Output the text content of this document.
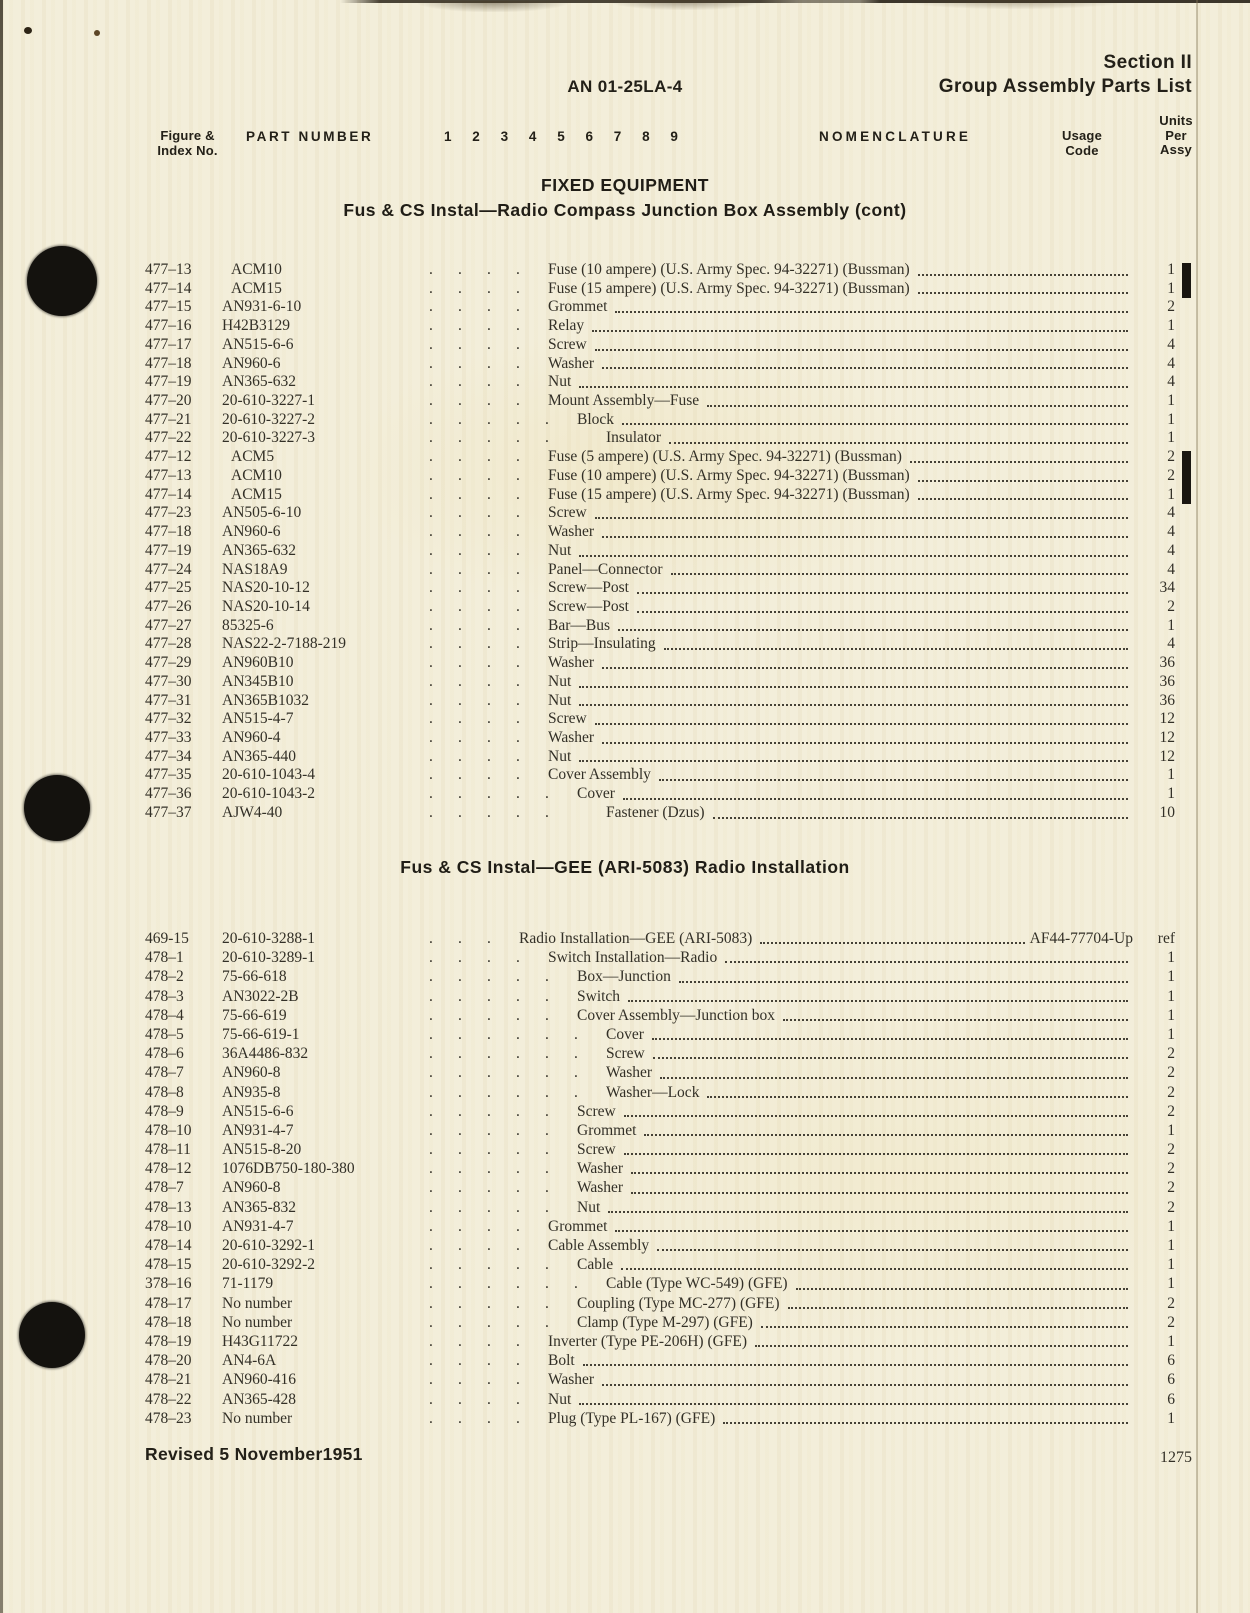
Section II
Group Assembly Parts List
AN 01-25LA-4
Figure &
Index No.
PART NUMBER	1 2 3 4 5 6 7 8 9	NOMENCLATURE	Usage
Code
Units
Per
Assy
FIXED EQUIPMENT
Fus & CS Instal—Radio Compass Junction Box Assembly (cont)
Fus & CS Instal—GEE (ARI-5083) Radio Installation
477–13	ACM10	. . . .	Fuse (10 ampere) (U.S. Army Spec. 94-32271) (Bussman)	1
477–14	ACM15	. . . .	Fuse (15 ampere) (U.S. Army Spec. 94-32271) (Bussman)	1
477–15	AN931-6-10	. . . .	Grommet	2
477–16	H42B3129	. . . .	Relay	1
477–17	AN515-6-6	. . . .	Screw	4
477–18	AN960-6	. . . .	Washer	4
477–19	AN365-632	. . . .	Nut	4
477–20	20-610-3227-1	. . . .	Mount Assembly—Fuse	1
477–21	20-610-3227-2	. . . . .	Block	1
477–22	20-610-3227-3	. . . . .	Insulator	1
477–12	ACM5	. . . .	Fuse (5 ampere) (U.S. Army Spec. 94-32271) (Bussman)	2
477–13	ACM10	. . . .	Fuse (10 ampere) (U.S. Army Spec. 94-32271) (Bussman)	2
477–14	ACM15	. . . .	Fuse (15 ampere) (U.S. Army Spec. 94-32271) (Bussman)	1
477–23	AN505-6-10	. . . .	Screw	4
477–18	AN960-6	. . . .	Washer	4
477–19	AN365-632	. . . .	Nut	4
477–24	NAS18A9	. . . .	Panel—Connector	4
477–25	NAS20-10-12	. . . .	Screw—Post	34
477–26	NAS20-10-14	. . . .	Screw—Post	2
477–27	85325-6	. . . .	Bar—Bus	1
477–28	NAS22-2-7188-219	. . . .	Strip—Insulating	4
477–29	AN960B10	. . . .	Washer	36
477–30	AN345B10	. . . .	Nut	36
477–31	AN365B1032	. . . .	Nut	36
477–32	AN515-4-7	. . . .	Screw	12
477–33	AN960-4	. . . .	Washer	12
477–34	AN365-440	. . . .	Nut	12
477–35	20-610-1043-4	. . . .	Cover Assembly	1
477–36	20-610-1043-2	. . . . .	Cover	1
477–37	AJW4-40	. . . . .	Fastener (Dzus)	10
469-15	20-610-3288-1	. . .	Radio Installation—GEE (ARI-5083)	AF44-77704-Up	ref
478–1	20-610-3289-1	. . . .	Switch Installation—Radio	1
478–2	75-66-618	. . . . .	Box—Junction	1
478–3	AN3022-2B	. . . . .	Switch	1
478–4	75-66-619	. . . . .	Cover Assembly—Junction box	1
478–5	75-66-619-1	. . . . . .	Cover	1
478–6	36A4486-832	. . . . . .	Screw	2
478–7	AN960-8	. . . . . .	Washer	2
478–8	AN935-8	. . . . . .	Washer—Lock	2
478–9	AN515-6-6	. . . . .	Screw	2
478–10	AN931-4-7	. . . . .	Grommet	1
478–11	AN515-8-20	. . . . .	Screw	2
478–12	1076DB750-180-380	. . . . .	Washer	2
478–7	AN960-8	. . . . .	Washer	2
478–13	AN365-832	. . . . .	Nut	2
478–10	AN931-4-7	. . . .	Grommet	1
478–14	20-610-3292-1	. . . .	Cable Assembly	1
478–15	20-610-3292-2	. . . . .	Cable	1
378–16	71-1179	. . . . . .	Cable (Type WC-549) (GFE)	1
478–17	No number	. . . . .	Coupling (Type MC-277) (GFE)	2
478–18	No number	. . . . .	Clamp (Type M-297) (GFE)	2
478–19	H43G11722	. . . .	Inverter (Type PE-206H) (GFE)	1
478–20	AN4-6A	. . . .	Bolt	6
478–21	AN960-416	. . . .	Washer	6
478–22	AN365-428	. . . .	Nut	6
478–23	No number	. . . .	Plug (Type PL-167) (GFE)	1
Revised 5 November1951	1275
